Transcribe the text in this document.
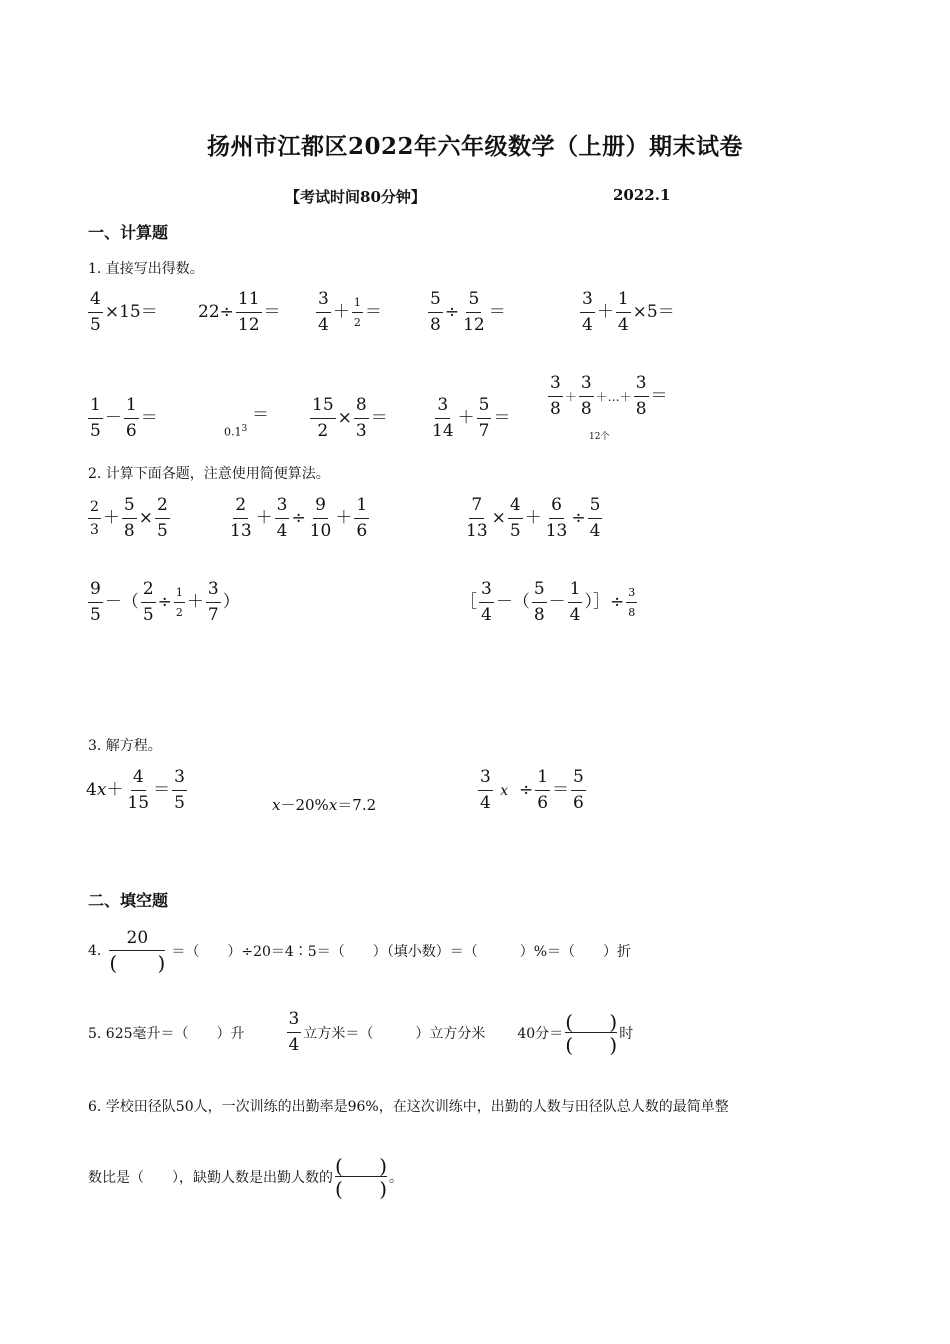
扬州市江都区2022年六年级数学（上册）期末试卷
【考试时间80分钟】	2022.1
一、计算题
1. 直接写出得数。
$\frac{4}{5} \times 15= 22\div \frac{11}{12} = \frac{3}{4} + \frac{1}{2}$ ＝	$\frac{5}{8} \div \frac{5}{12}$ ＝	$\frac{3}{4} + \frac{1}{4} \times 5=$
$\frac{1}{5} - \frac{1}{6}$ ＝	＝
$0.1^3$	$\frac{15}{2} \times \frac{8}{3} = \frac{3}{14} + \frac{5}{7} = \frac{3}{8} + \frac{3}{8}$ ＋…＋ $\frac{3}{8}$ ＝
12个
2. 计算下面各题，注意使用简便算法。
$\frac{2}{3} + \frac{5}{8} \times \frac{2}{5}$	$\frac{2}{13} + \frac{3}{4} \div \frac{9}{10} + \frac{1}{6}$	$\frac{7}{13} \times \frac{4}{5} + \frac{6}{13} \div \frac{5}{4}$
$\frac{9}{5}$ －（ $\frac{2}{5} \div \frac{1}{2} + \frac{3}{7}$ ）	［ $\frac{3}{4}$ －（ $\frac{5}{8} - \frac{1}{4}$ ）］÷ $\frac{3}{8}$
3. 解方程。
$4x+ \frac{4}{15} = \frac{3}{5}$	x－20%x＝7.2	$\frac{3}{4}$ $x \div \frac{1}{6} = \frac{5}{6}$
二、填空题
4.
20
( ) ＝（　　）÷20＝4∶5＝（　　）（填小数）＝（　　　）%＝（　　）折
5. 625毫升＝（　　）升
3
4
立方米＝（　　　）立方分米 40分＝ ( )
( ) 时
6. 学校田径队50人，一次训练的出勤率是96%，在这次训练中，出勤的人数与田径队总人数的最简单整
数比是（　　），缺勤人数是出勤人数的 ( )
( ) 。
